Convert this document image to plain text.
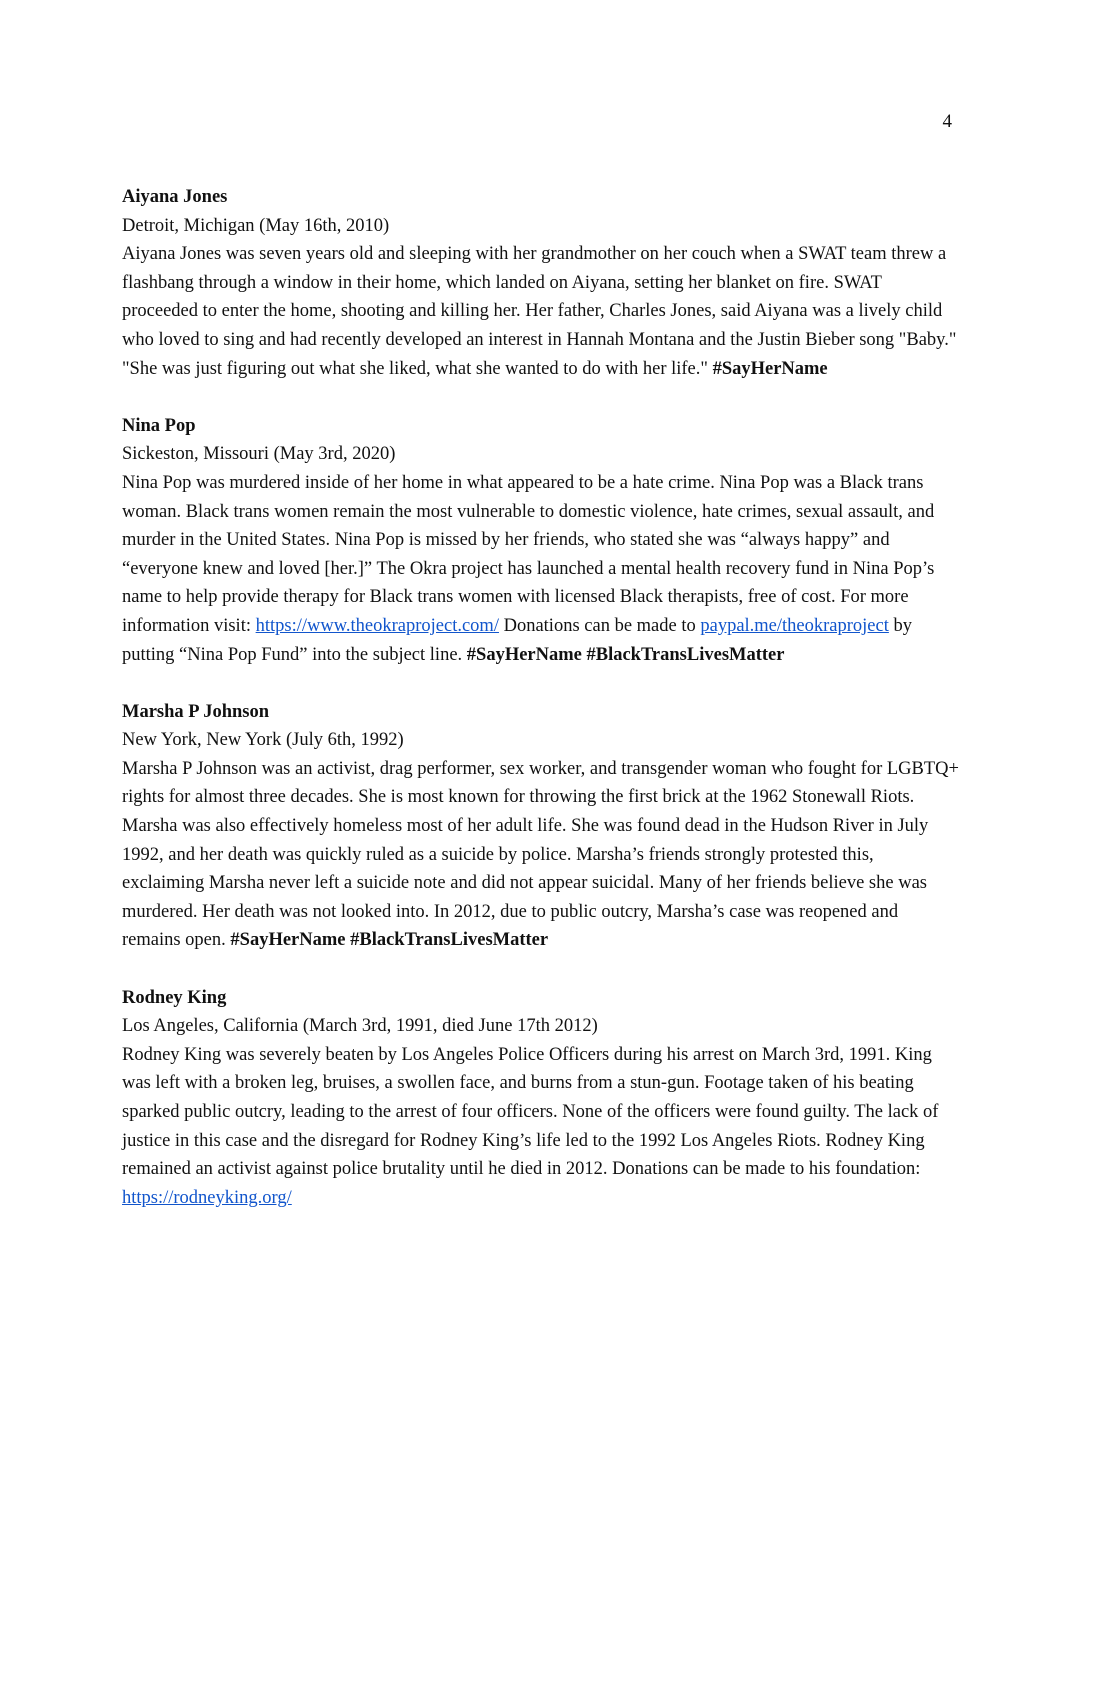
4
Aiyana Jones
Detroit, Michigan (May 16th, 2010)
Aiyana Jones was seven years old and sleeping with her grandmother on her couch when a SWAT team threw a flashbang through a window in their home, which landed on Aiyana, setting her blanket on fire. SWAT proceeded to enter the home, shooting and killing her. Her father, Charles Jones, said Aiyana was a lively child who loved to sing and had recently developed an interest in Hannah Montana and the Justin Bieber song "Baby." "She was just figuring out what she liked, what she wanted to do with her life." #SayHerName
Nina Pop
Sickeston, Missouri (May 3rd, 2020)
Nina Pop was murdered inside of her home in what appeared to be a hate crime. Nina Pop was a Black trans woman. Black trans women remain the most vulnerable to domestic violence, hate crimes, sexual assault, and murder in the United States. Nina Pop is missed by her friends, who stated she was “always happy” and “everyone knew and loved [her.]” The Okra project has launched a mental health recovery fund in Nina Pop’s name to help provide therapy for Black trans women with licensed Black therapists, free of cost. For more information visit: https://www.theokraproject.com/ Donations can be made to paypal.me/theokraproject by putting “Nina Pop Fund” into the subject line. #SayHerName #BlackTransLivesMatter
Marsha P Johnson
New York, New York (July 6th, 1992)
Marsha P Johnson was an activist, drag performer, sex worker, and transgender woman who fought for LGBTQ+ rights for almost three decades. She is most known for throwing the first brick at the 1962 Stonewall Riots. Marsha was also effectively homeless most of her adult life. She was found dead in the Hudson River in July 1992, and her death was quickly ruled as a suicide by police. Marsha’s friends strongly protested this, exclaiming Marsha never left a suicide note and did not appear suicidal. Many of her friends believe she was murdered. Her death was not looked into. In 2012, due to public outcry, Marsha’s case was reopened and remains open. #SayHerName #BlackTransLivesMatter
Rodney King
Los Angeles, California (March 3rd, 1991, died June 17th 2012)
Rodney King was severely beaten by Los Angeles Police Officers during his arrest on March 3rd, 1991. King was left with a broken leg, bruises, a swollen face, and burns from a stun-gun. Footage taken of his beating sparked public outcry, leading to the arrest of four officers. None of the officers were found guilty. The lack of justice in this case and the disregard for Rodney King’s life led to the 1992 Los Angeles Riots. Rodney King remained an activist against police brutality until he died in 2012. Donations can be made to his foundation: https://rodneyking.org/
